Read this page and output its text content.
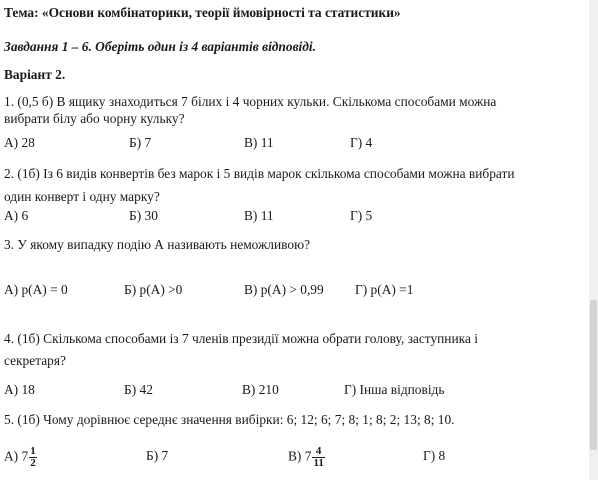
Тема: «Основи комбінаторики, теорії ймовірності та статистики»
Завдання 1 – 6. Оберіть один із 4 варіантів відповіді.
Варіант 2.
1. (0,5 б) В ящику знаходиться 7 білих і 4 чорних кульки. Скількома способами можна
вибрати білу або чорну кульку?
А) 28	Б) 7	В) 11	Г) 4
2. (1б) Із 6 видів конвертів без марок і 5 видів марок скількома способами можна вибрати
один конверт і одну марку?
А) 6	Б) 30	В) 11	Г) 5
3. У якому випадку подію А називають неможливою?
А) р(А) = 0	Б) р(А) >0	В) р(А) > 0,99 Г) р(А) =1
4. (1б) Скількома способами із 7 членів президії можна обрати голову, заступника і
секретаря?
А) 18	Б) 42	В) 210	Г) Інша відповідь
5. (1б) Чому дорівнює середнє значення вибірки: 6; 12; 6; 7; 8; 1; 8; 2; 13; 8; 10.
А) $7 \frac{1}{2}$	Б) 7	В) $7 \frac{4}{11}$	Г) 8
